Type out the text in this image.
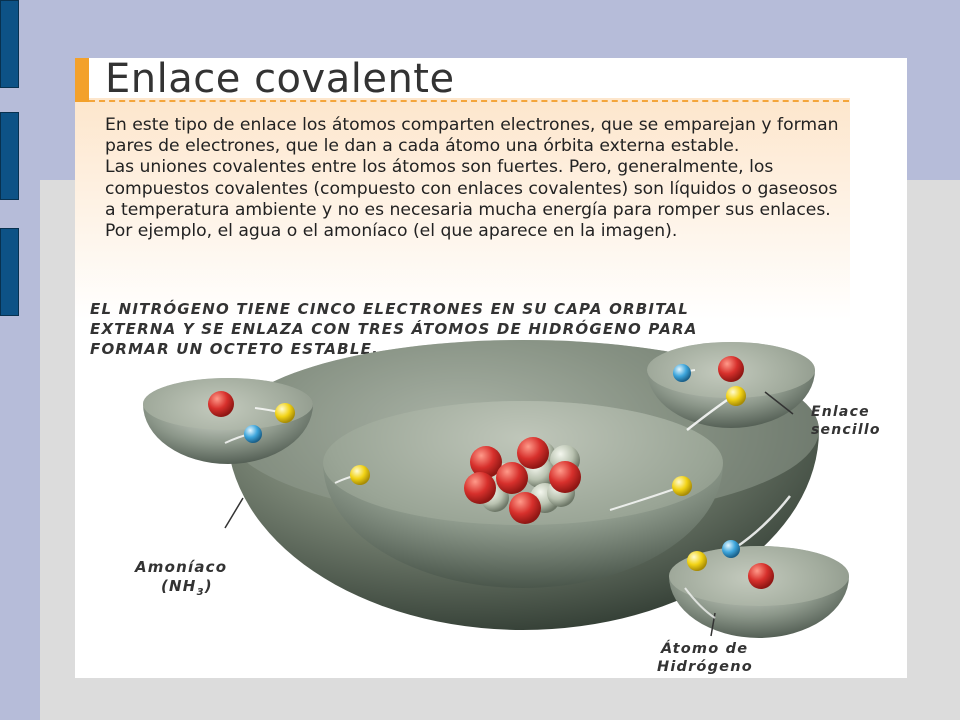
Enlace covalente
En este tipo de enlace los átomos comparten electrones, que se emparejan y forman pares de electrones, que le dan a cada átomo una órbita externa estable.
Las uniones covalentes entre los átomos son fuertes. Pero, generalmente, los compuestos covalentes (compuesto con enlaces covalentes) son líquidos o gaseosos a temperatura ambiente y no es necesaria mucha energía para romper sus enlaces. Por ejemplo, el agua o el amoníaco (el que aparece en la imagen).
EL NITRÓGENO TIENE CINCO ELECTRONES EN SU CAPA ORBITAL EXTERNA Y SE ENLAZA CON TRES ÁTOMOS DE HIDRÓGENO PARA FORMAR UN OCTETO ESTABLE.
Enlace
sencillo
Amoníaco
$(NH_3)$
Átomo de
Hidrógeno
